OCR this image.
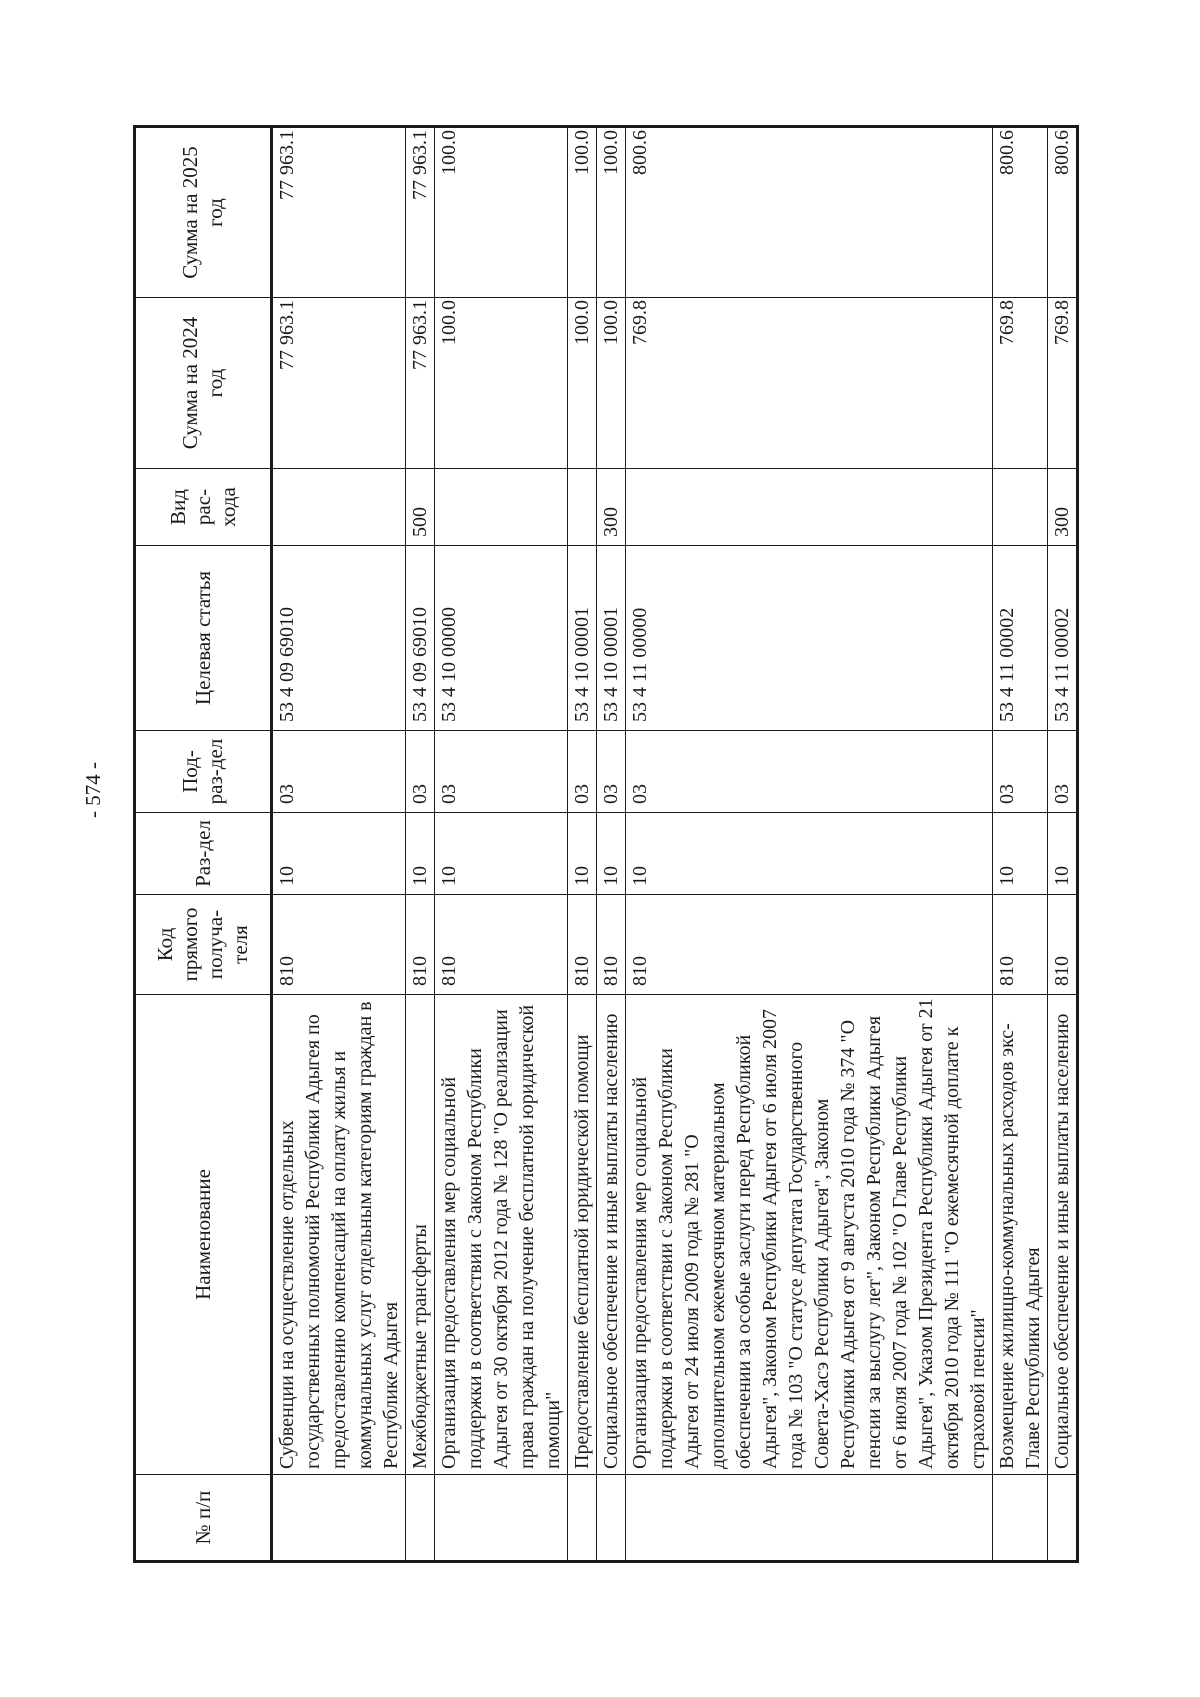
- 574 -
№ п/п	Наименование	Код прямого получа-теля	Раз-дел	Под-раз-дел	Целевая статья	Вид рас-хода	Сумма на 2024 год	Сумма на 2025 год
	Субвенции на осуществление отдельных государственных полномочий Республики Адыгея по предоставлению компенсаций на оплату жилья и коммунальных услуг отдельным категориям граждан в Республике Адыгея	810	10	03	53 4 09 69010		77 963.1	77 963.1
	Межбюджетные трансферты	810	10	03	53 4 09 69010	500	77 963.1	77 963.1
	Организация предоставления мер социальной поддержки в соответствии с Законом Республики Адыгея от 30 октября 2012 года № 128 "О реализации права граждан на получение бесплатной юридической помощи"	810	10	03	53 4 10 00000		100.0	100.0
	Предоставление бесплатной юридической помощи	810	10	03	53 4 10 00001		100.0	100.0
	Социальное обеспечение и иные выплаты населению	810	10	03	53 4 10 00001	300	100.0	100.0
	Организация предоставления мер социальной поддержки в соответствии с Законом Республики Адыгея от 24 июля 2009 года № 281 "О дополнительном ежемесячном материальном обеспечении за особые заслуги перед Республикой Адыгея", Законом Республики Адыгея от 6 июля 2007 года № 103 "О статусе депутата Государственного Совета-Хасэ Республики Адыгея", Законом Республики Адыгея от 9 августа 2010 года № 374 "О пенсии за выслугу лет", Законом Республики Адыгея от 6 июля 2007 года № 102 "О Главе Республики Адыгея", Указом Президента Республики Адыгея от 21 октября 2010 года № 111 "О ежемесячной доплате к страховой пенсии"	810	10	03	53 4 11 00000		769.8	800.6
	Возмещение жилищно-коммунальных расходов экс-Главе Республики Адыгея	810	10	03	53 4 11 00002		769.8	800.6
	Социальное обеспечение и иные выплаты населению	810	10	03	53 4 11 00002	300	769.8	800.6
